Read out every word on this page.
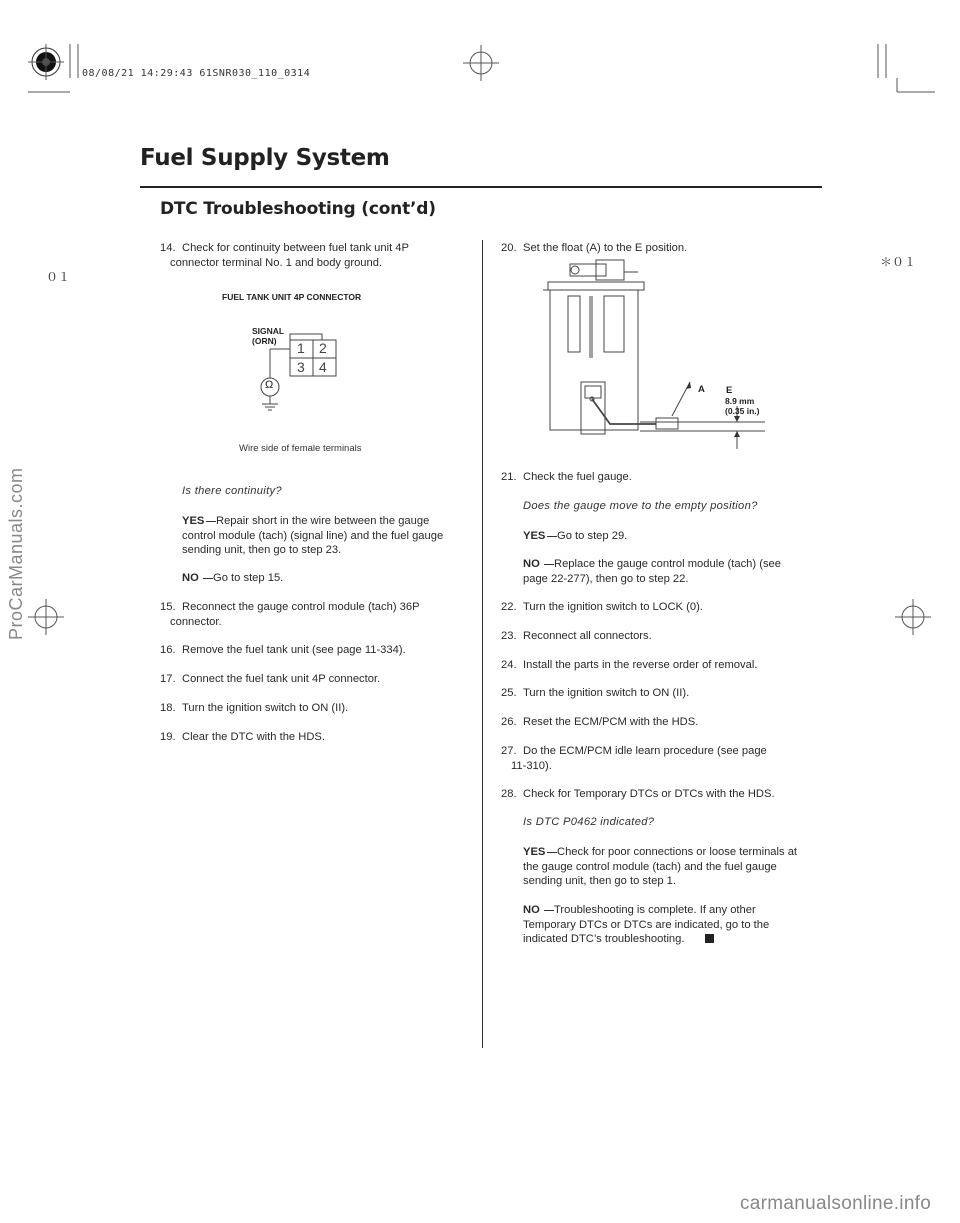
08/08/21 14:29:43 61SNR030_110_0314
Fuel Supply System
DTC Troubleshooting (cont’d)
０１
＊０１
14. Check for continuity between fuel tank unit 4P
connector terminal No. 1 and body ground.
FUEL TANK UNIT 4P CONNECTOR
SIGNAL
(ORN) 1 2
3 4
Ω
Wire side of female terminals
Is there continuity?
YES	Repair short in the wire between the gauge control module (tach) (signal line) and the fuel gauge sending unit, then go to step 23.
NO	Go to step 15.
15. Reconnect the gauge control module (tach) 36P
connector.
16. Remove the fuel tank unit (see page 11-334).
17. Connect the fuel tank unit 4P connector.
18. Turn the ignition switch to ON (II).
19. Clear the DTC with the HDS.
20. Set the float (A) to the E position.
A E
8.9 mm
(0.35 in.)
21. Check the fuel gauge.
Does the gauge move to the empty position?
YES	Go to step 29.
NO	Replace the gauge control module (tach) (see page 22-277), then go to step 22.
22. Turn the ignition switch to LOCK (0).
23. Reconnect all connectors.
24. Install the parts in the reverse order of removal.
25. Turn the ignition switch to ON (II).
26. Reset the ECM/PCM with the HDS.
27. Do the ECM/PCM idle learn procedure (see page
11-310).
28. Check for Temporary DTCs or DTCs with the HDS.
Is DTC P0462 indicated?
YES	Check for poor connections or loose terminals at the gauge control module (tach) and the fuel gauge sending unit, then go to step 1.
NO	Troubleshooting is complete. If any other Temporary DTCs or DTCs are indicated, go to the indicated DTC’s troubleshooting.
ProCarManuals.com
carmanualsonline.info
